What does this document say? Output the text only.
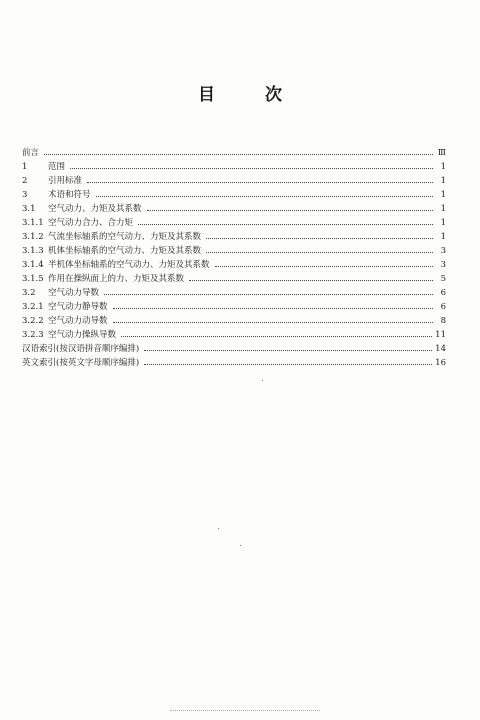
目	次
前言	Ⅲ
1	范围	1
2	引用标准	1
3	术语和符号	1
3.1	空气动力、力矩及其系数	1
3.1.1 空气动力合力、合力矩	1
3.1.2 气流坐标轴系的空气动力、力矩及其系数	1
3.1.3 机体坐标轴系的空气动力、力矩及其系数	3
3.1.4 半机体坐标轴系的空气动力、力矩及其系数	3
3.1.5 作用在操纵面上的力、力矩及其系数	5
3.2	空气动力导数	6
3.2.1 空气动力静导数	6
3.2.2 空气动力动导数	8
3.2.3 空气动力操纵导数	11
汉语索引(按汉语拼音顺序编排)	14
英文索引(按英文字母顺序编排)	16
